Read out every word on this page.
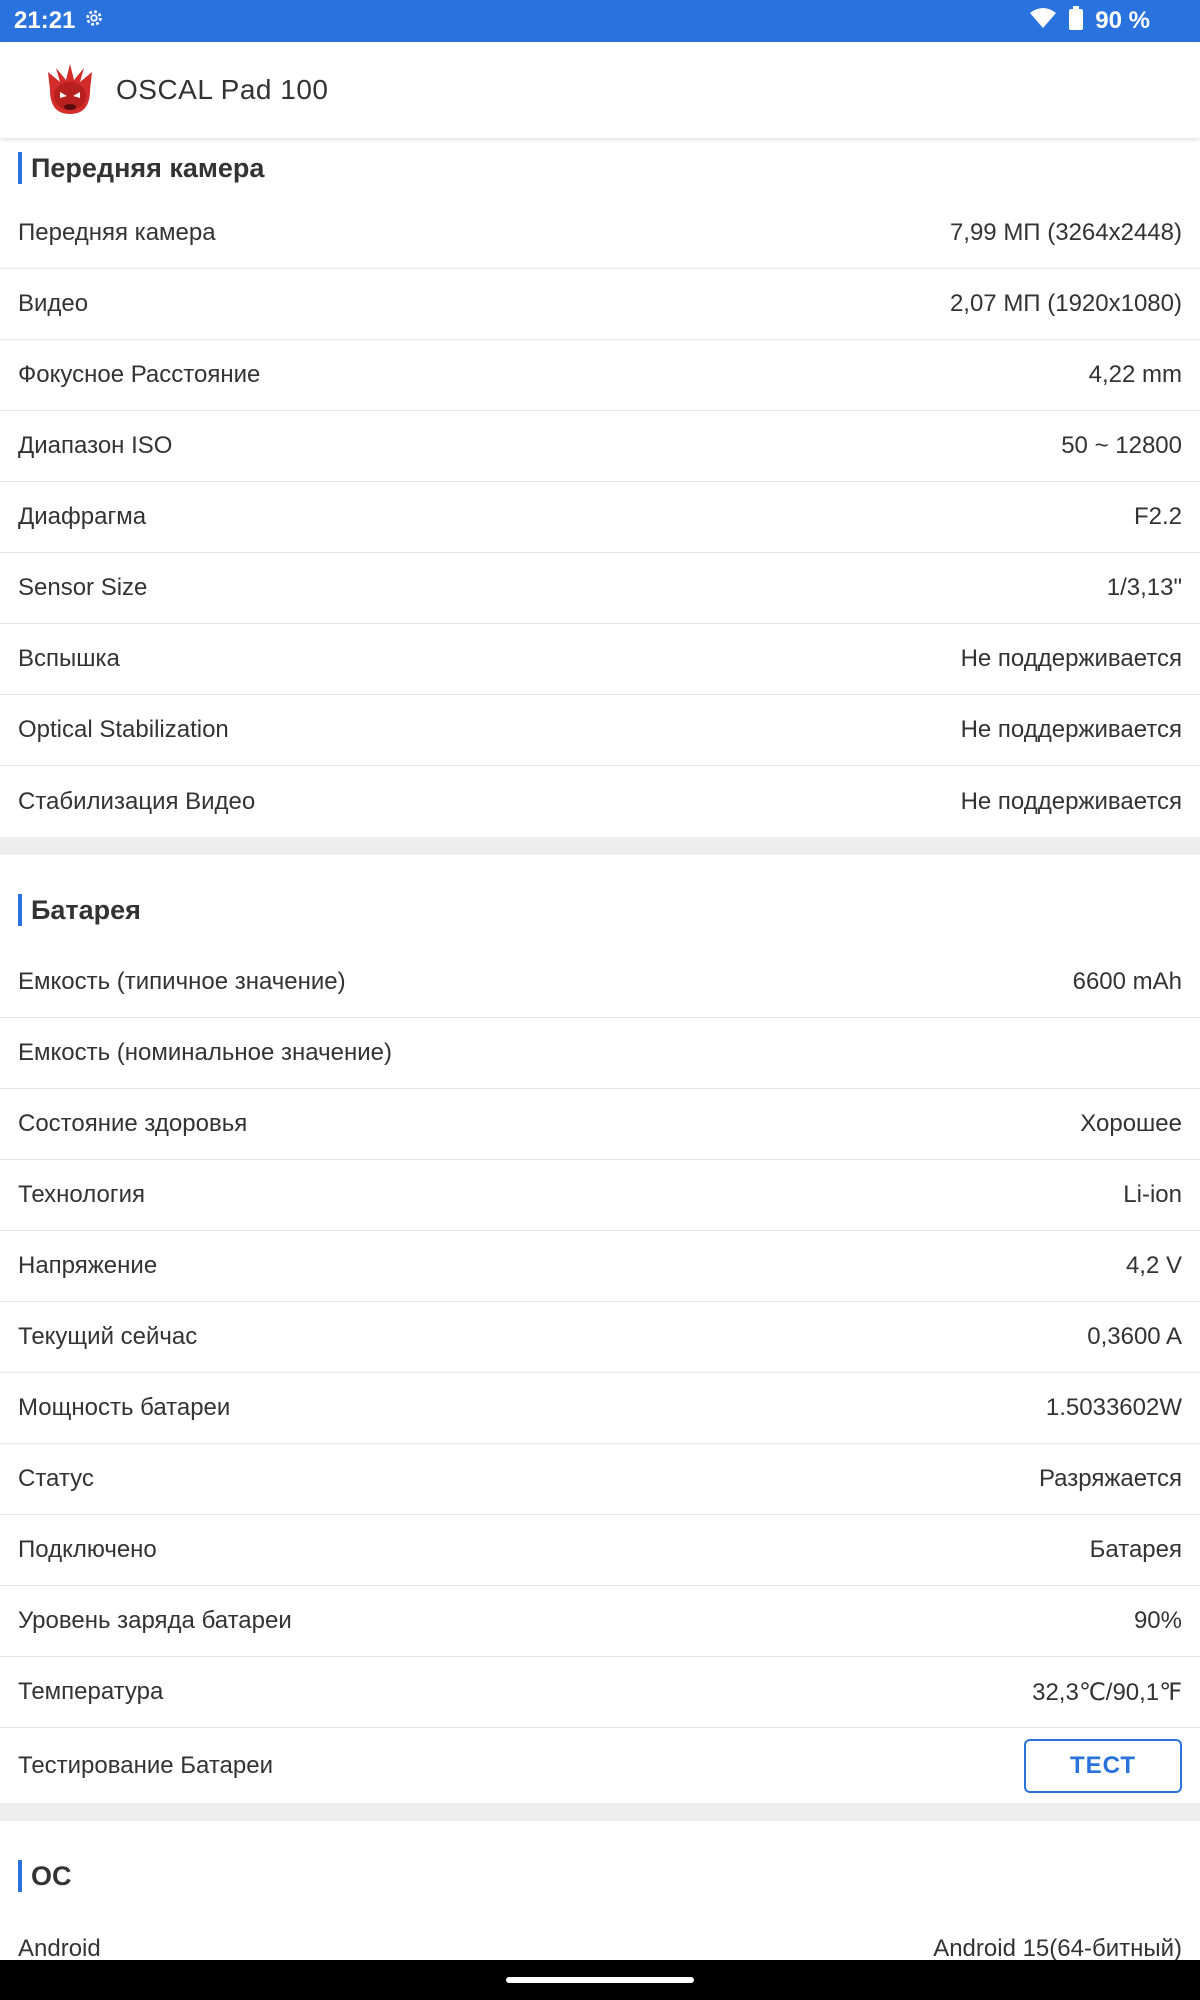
21:21	90 %
OSCAL Pad 100
Передняя камера
Передняя камера	7,99 МП (3264x2448)
Видео	2,07 МП (1920x1080)
Фокусное Расстояние	4,22 mm
Диапазон ISO	50 ~ 12800
Диафрагма	F2.2
Sensor Size	1/3,13"
Вспышка	Не поддерживается
Optical Stabilization	Не поддерживается
Стабилизация Видео	Не поддерживается
Батарея
Емкость (типичное значение)	6600 mAh
Емкость (номинальное значение)
Состояние здоровья	Хорошее
Технология	Li-ion
Напряжение	4,2 V
Текущий сейчас	0,3600 A
Мощность батареи	1.5033602W
Статус	Разряжается
Подключено	Батарея
Уровень заряда батареи	90%
Температура	32,3℃/90,1℉
Тестирование Батареи	ТЕСТ
ОС
Android	Android 15(64-битный)
